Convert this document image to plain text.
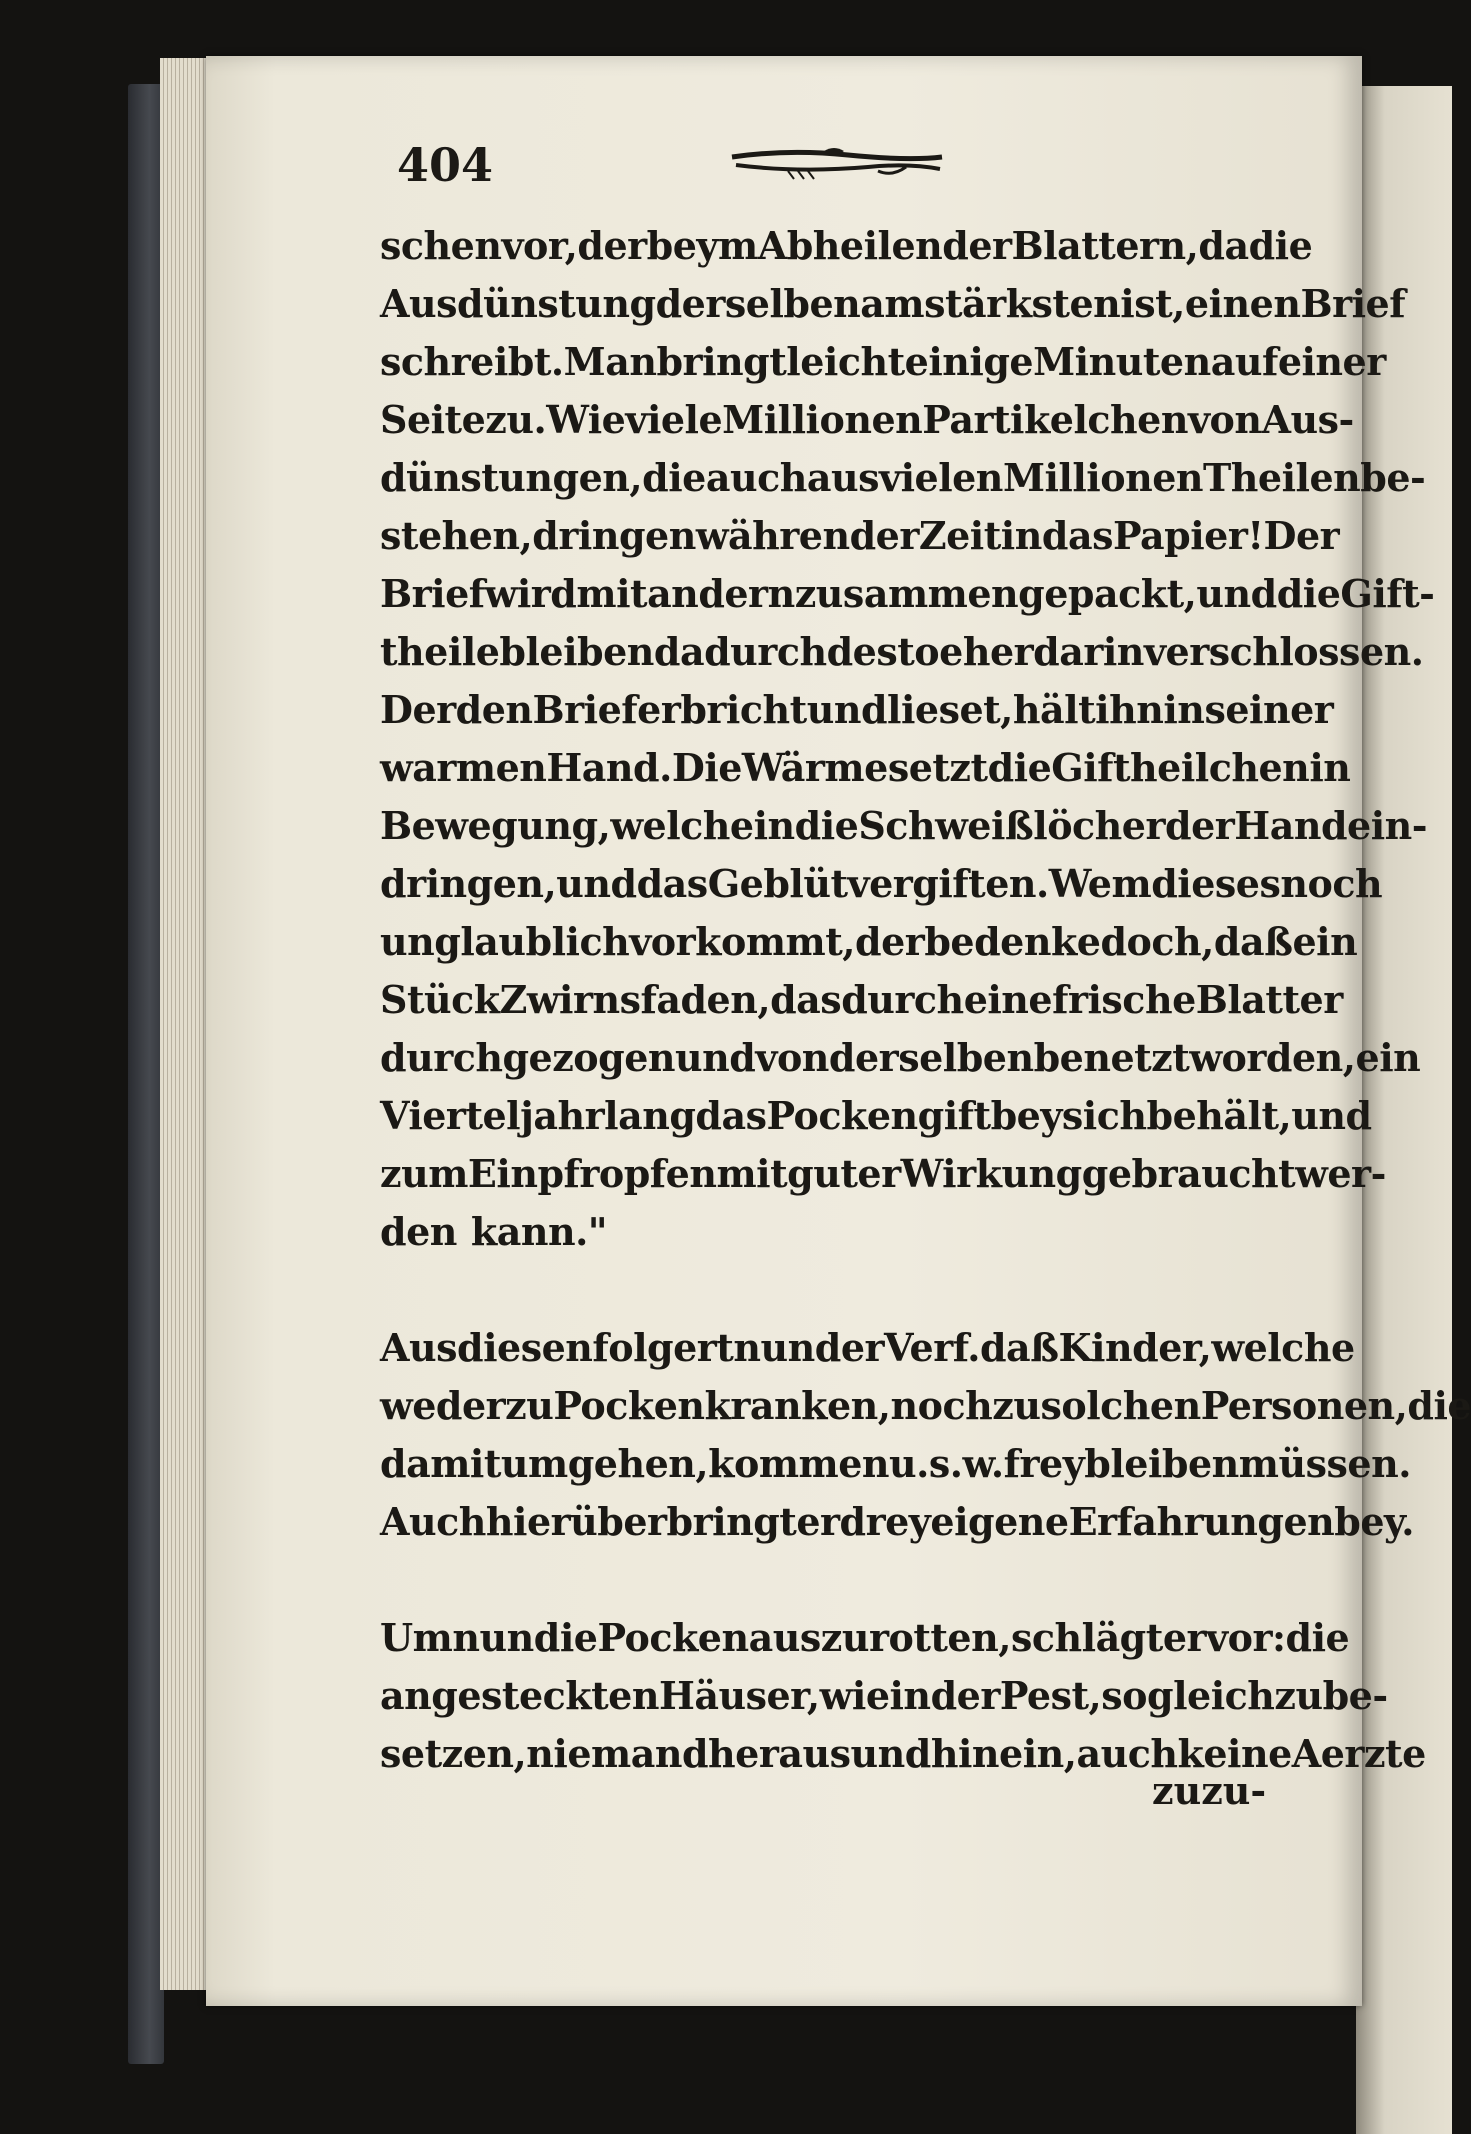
404
schen vor, der beym Abheilen der Blattern, da die
Ausdünstung derselben am stärksten ist, einen Brief
schreibt. Man bringt leicht einige Minuten auf einer
Seite zu. Wie viele Millionen Partikelchen von Aus-
dünstungen, die auch aus vielen Millionen Theilen be-
stehen, dringen währender Zeit in das Papier! Der
Brief wird mit andern zusammengepackt, und die Gift-
theile bleiben dadurch desto eher darin verschlossen.
Der den Brief erbricht und lieset, hält ihn in seiner
warmen Hand. Die Wärme setzt die Giftheilchen in
Bewegung, welche in die Schweißlöcher der Hand ein-
dringen, und das Geblüt vergiften. Wem dieses noch
unglaublich vorkommt, der bedenke doch, daß ein
Stück Zwirnsfaden, das durch eine frische Blatter
durchgezogen und von derselben benetzt worden, ein
Vierteljahr lang das Pockengift bey sich behält, und
zum Einpfropfen mit guter Wirkung gebraucht wer-
den kann."
Aus diesen folgert nun der Verf. daß Kinder, welche
weder zu Pockenkranken, noch zu solchen Personen, die
damit umgehen, kommen u. s. w. frey bleiben müssen.
Auch hierüber bringt er drey eigene Erfahrungen bey.
Um nun die Pocken auszurotten, schlägt er vor: die
angesteckten Häuser, wie in der Pest, sogleich zu be-
setzen, niemand heraus und hinein, auch keine Aerzte
zuzu-
